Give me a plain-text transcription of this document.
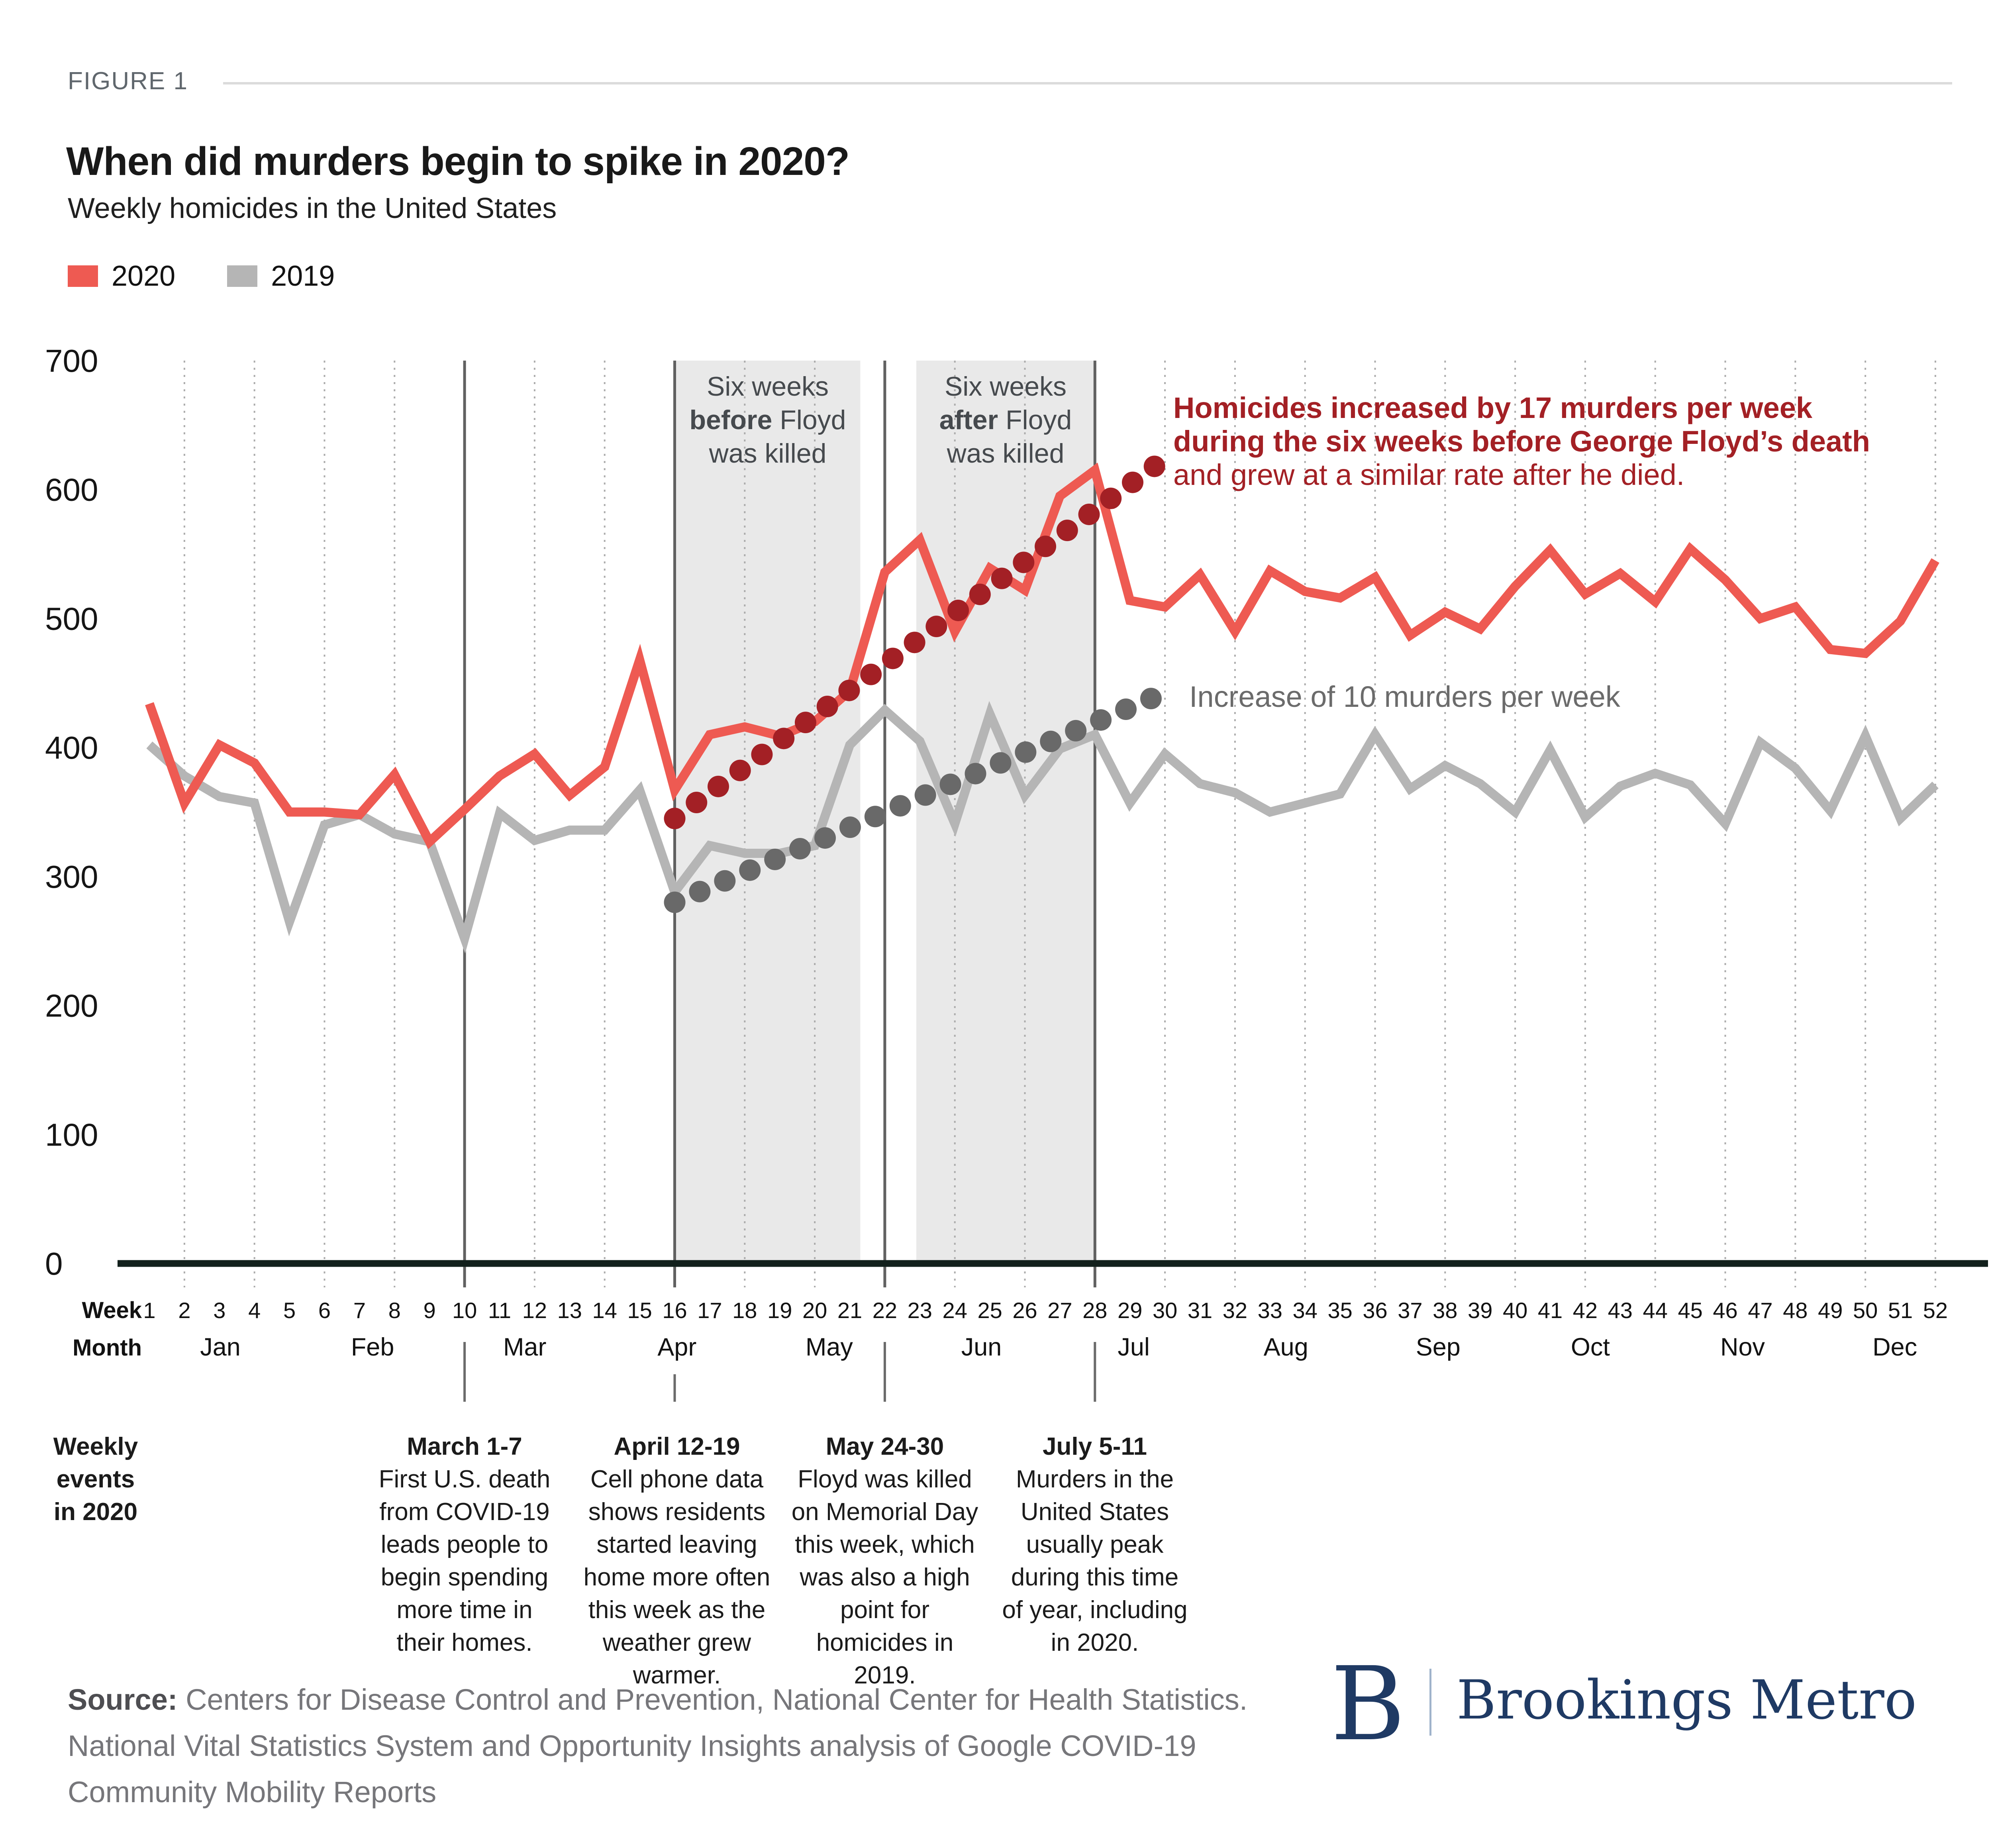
FIGURE 1
When did murders begin to spike in 2020?
Weekly homicides in the United States
2020	2019
0
100
200
300
400
500
600
700
Week 1 2 3 4 5 6 7 8 9 10 11 12 13 14 15 16 17 18 19 20 21 22 23 24 25 26 27 28 29 30 31 32 33 34 35 36 37 38 39 40 41 42 43 44 45 46 47 48 49 50 51 52
Month Jan	Feb	Mar	Apr	May	Jun	Jul	Aug	Sep	Oct	Nov	Dec
Six weeks
before Floyd
was killed
Six weeks
after Floyd
was killed
Homicides increased by 17 murders per week
during the six weeks before George Floyd’s death
and grew at a similar rate after he died.
Increase of 10 murders per week
Weekly
events
in 2020
March 1-7
First U.S. death from COVID-19 leads people to begin spending more time in their homes.
April 12-19
Cell phone data shows residents started leaving home more often this week as the weather grew warmer.
May 24-30
Floyd was killed on Memorial Day this week, which was also a high point for homicides in 2019.
July 5-11
Murders in the United States usually peak during this time of year, including in 2020.
Source: Centers for Disease Control and Prevention, National Center for Health Statistics. National Vital Statistics System and Opportunity Insights analysis of Google COVID-19 Community Mobility Reports
B Brookings Metro
